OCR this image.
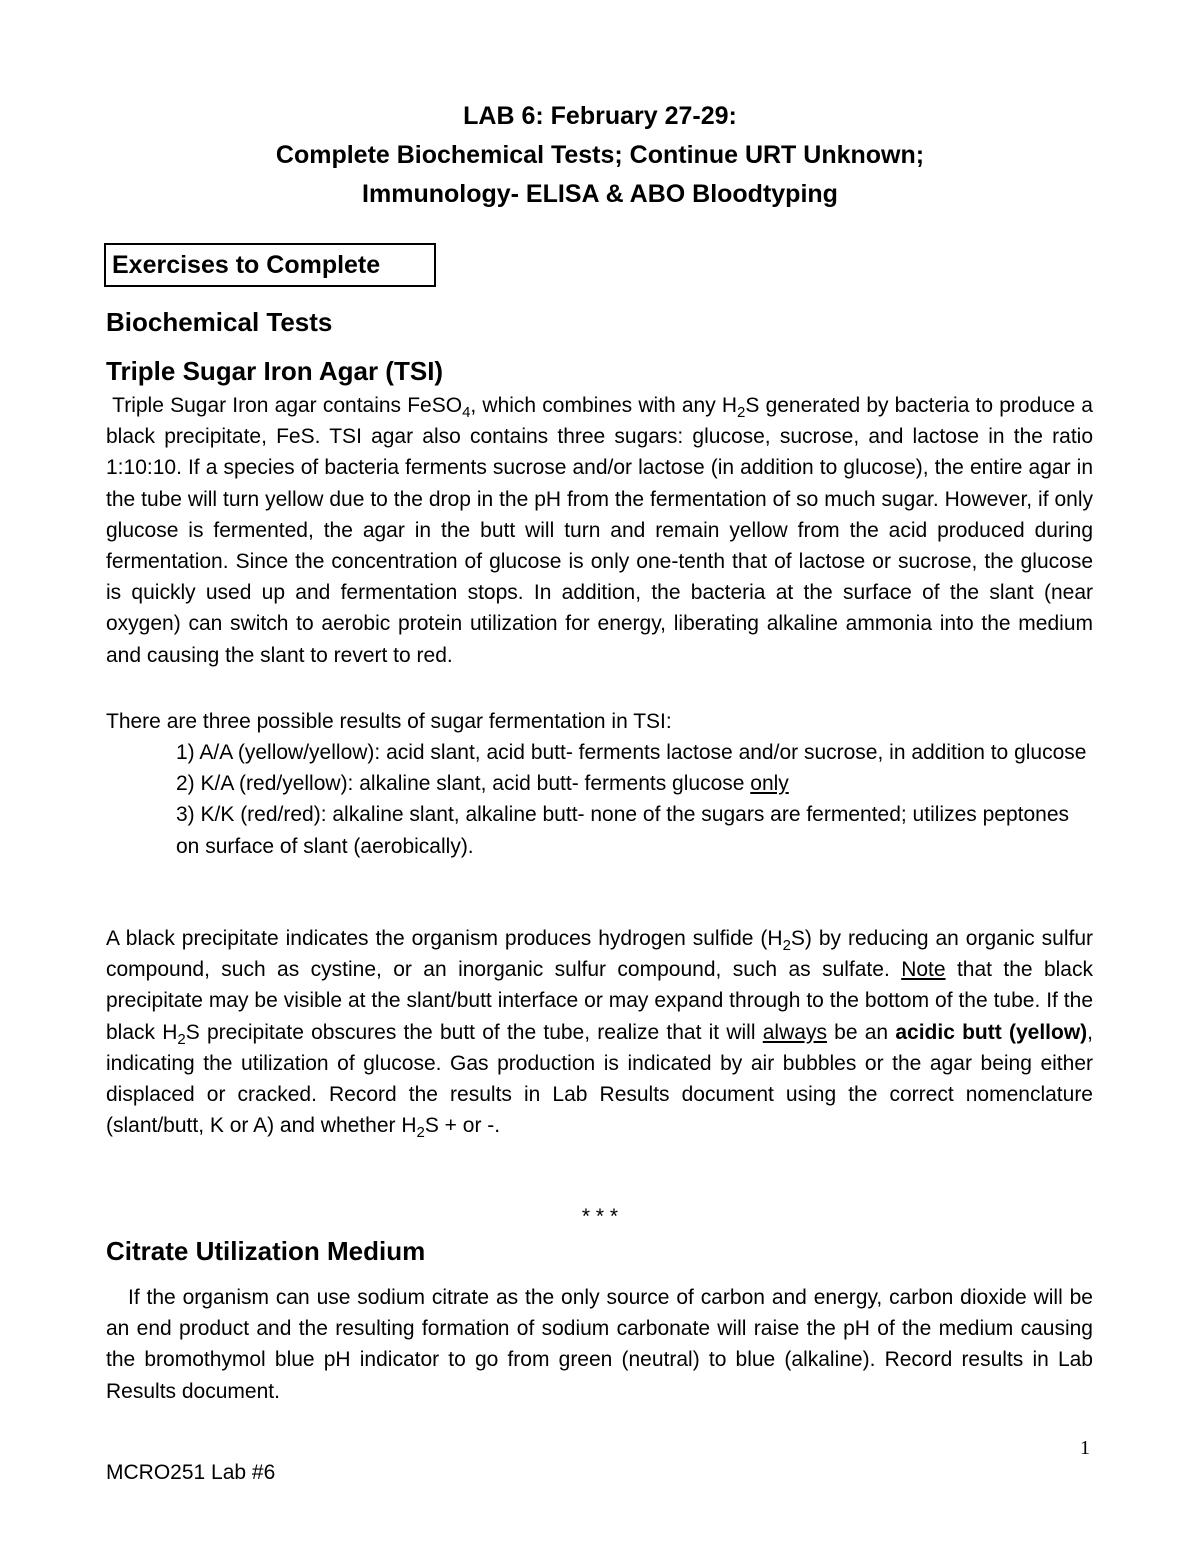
LAB 6: February 27-29:
Complete Biochemical Tests; Continue URT Unknown;
Immunology- ELISA & ABO Bloodtyping
Exercises to Complete
Biochemical Tests
Triple Sugar Iron Agar (TSI)
Triple Sugar Iron agar contains FeSO$_4$, which combines with any $H_2S$ generated by bacteria to produce a black precipitate, FeS. TSI agar also contains three sugars: glucose, sucrose, and lactose in the ratio 1:10:10. If a species of bacteria ferments sucrose and/or lactose (in addition to glucose), the entire agar in the tube will turn yellow due to the drop in the pH from the fermentation of so much sugar. However, if only glucose is fermented, the agar in the butt will turn and remain yellow from the acid produced during fermentation. Since the concentration of glucose is only one-tenth that of lactose or sucrose, the glucose is quickly used up and fermentation stops. In addition, the bacteria at the surface of the slant (near oxygen) can switch to aerobic protein utilization for energy, liberating alkaline ammonia into the medium and causing the slant to revert to red.
There are three possible results of sugar fermentation in TSI:
1) A/A (yellow/yellow): acid slant, acid butt- ferments lactose and/or sucrose, in addition to glucose
2) K/A (red/yellow): alkaline slant, acid butt- ferments glucose only
3) K/K (red/red): alkaline slant, alkaline butt- none of the sugars are fermented; utilizes peptones on surface of slant (aerobically).
A black precipitate indicates the organism produces hydrogen sulfide $(H_2S)$ by reducing an organic sulfur compound, such as cystine, or an inorganic sulfur compound, such as sulfate. Note that the black precipitate may be visible at the slant/butt interface or may expand through to the bottom of the tube. If the black $H_2S$ precipitate obscures the butt of the tube, realize that it will always be an acidic butt (yellow), indicating the utilization of glucose. Gas production is indicated by air bubbles or the agar being either displaced or cracked. Record the results in Lab Results document using the correct nomenclature (slant/butt, K or A) and whether $H_2S$ + or -.
* * *
Citrate Utilization Medium
If the organism can use sodium citrate as the only source of carbon and energy, carbon dioxide will be an end product and the resulting formation of sodium carbonate will raise the pH of the medium causing the bromothymol blue pH indicator to go from green (neutral) to blue (alkaline). Record results in Lab Results document.
1
MCRO251 Lab #6
